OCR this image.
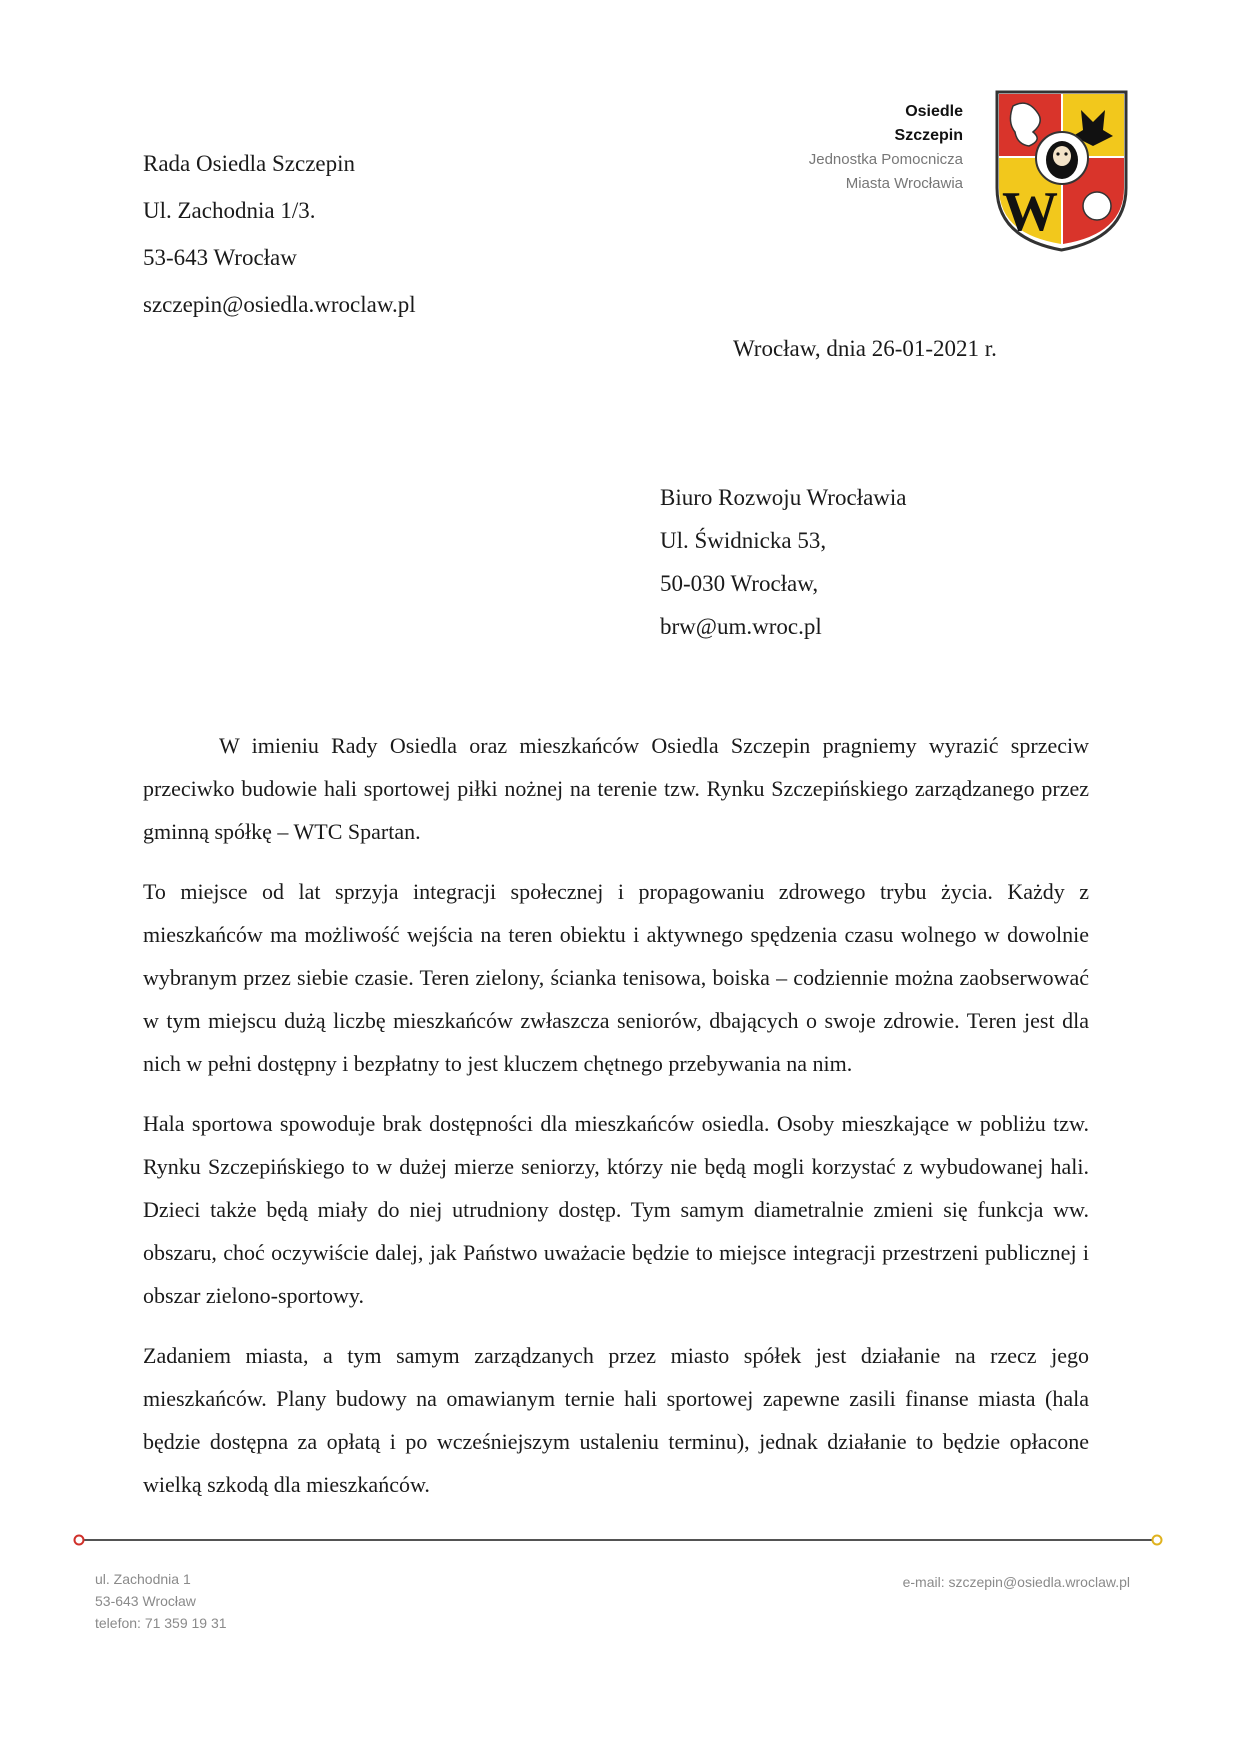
Rada Osiedla Szczepin
Ul. Zachodnia 1/3.
53-643 Wrocław
szczepin@osiedla.wroclaw.pl
Osiedle
Szczepin
Jednostka Pomocnicza
Miasta Wrocławia W
Wrocław, dnia 26-01-2021 r.
Biuro Rozwoju Wrocławia
Ul. Świdnicka 53,
50-030 Wrocław,
brw@um.wroc.pl

W imieniu Rady Osiedla oraz mieszkańców Osiedla Szczepin pragniemy wyrazić sprzeciw przeciwko budowie hali sportowej piłki nożnej na terenie tzw. Rynku Szczepińskiego zarządzanego przez gminną spółkę – WTC Spartan.

To miejsce od lat sprzyja integracji społecznej i propagowaniu zdrowego trybu życia. Każdy z mieszkańców ma możliwość wejścia na teren obiektu i aktywnego spędzenia czasu wolnego w dowolnie wybranym przez siebie czasie. Teren zielony, ścianka tenisowa, boiska – codziennie można zaobserwować w tym miejscu dużą liczbę mieszkańców zwłaszcza seniorów, dbających o swoje zdrowie. Teren jest dla nich w pełni dostępny i bezpłatny to jest kluczem chętnego przebywania na nim.

Hala sportowa spowoduje brak dostępności dla mieszkańców osiedla. Osoby mieszkające w pobliżu tzw. Rynku Szczepińskiego to w dużej mierze seniorzy, którzy nie będą mogli korzystać z wybudowanej hali. Dzieci także będą miały do niej utrudniony dostęp. Tym samym diametralnie zmieni się funkcja ww. obszaru, choć oczywiście dalej, jak Państwo uważacie będzie to miejsce integracji przestrzeni publicznej i obszar zielono-sportowy.

Zadaniem miasta, a tym samym zarządzanych przez miasto spółek jest działanie na rzecz jego mieszkańców. Plany budowy na omawianym ternie hali sportowej zapewne zasili finanse miasta (hala będzie dostępna za opłatą i po wcześniejszym ustaleniu terminu), jednak działanie to będzie opłacone wielką szkodą dla mieszkańców.

ul. Zachodnia 1
53-643 Wrocław
telefon: 71 359 19 31
e-mail: szczepin@osiedla.wroclaw.pl
